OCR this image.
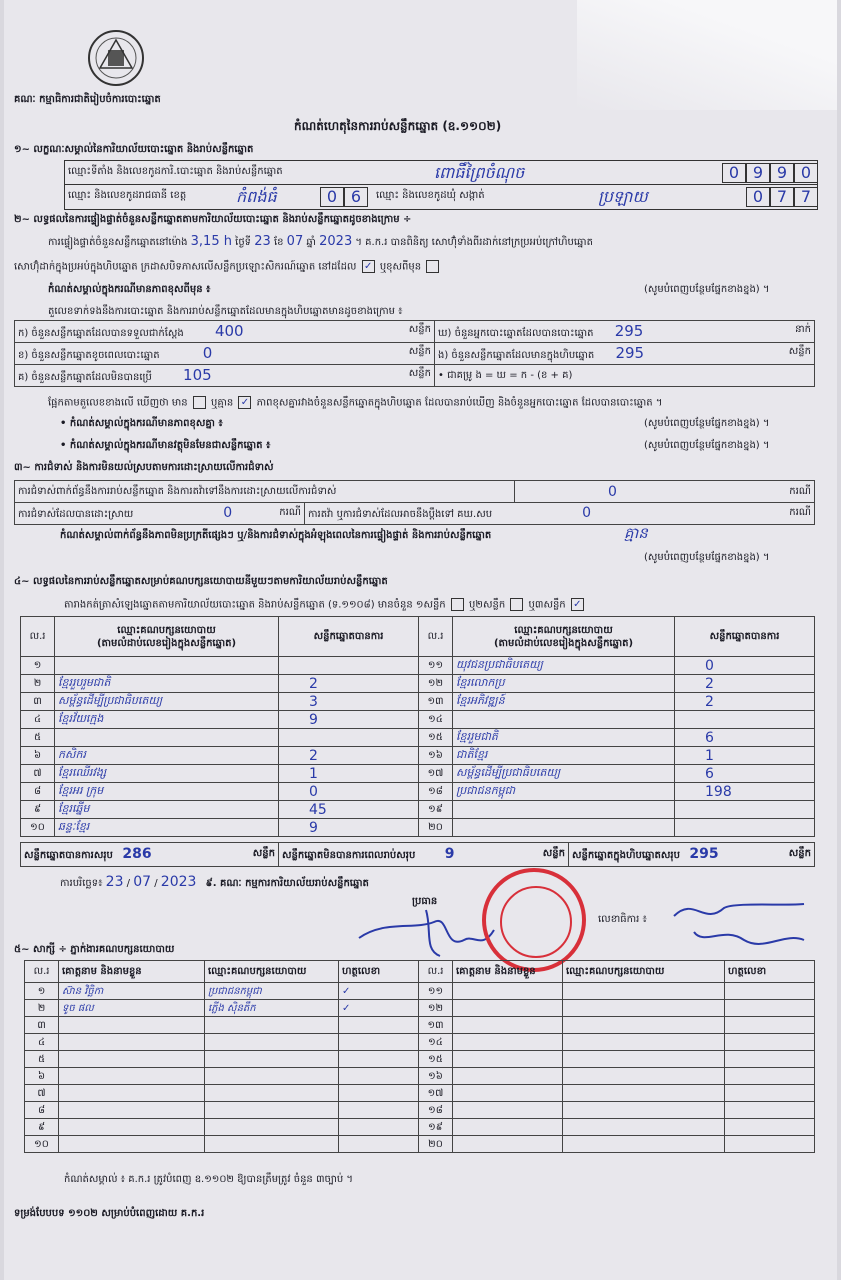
គណៈ កម្មាធិការជាតិរៀបចំការបោះឆ្នោត
កំណត់ហេតុនៃការរាប់សន្លឹកឆ្នោត (ឧ.១១០២)
១~ លក្ខណៈសម្គាល់នៃការិយាល័យបោះឆ្នោត និងរាប់សន្លឹកឆ្នោត
ឈ្មោះទីតាំង និងលេខកូដការិ.បោះឆ្នោត និងរាប់សន្លឹកឆ្នោត	ពោធិ៍ព្រៃចំណុច	0 9 9 0
ឈ្មោះ និងលេខកូដរាជធានី ខេត្ត	កំពង់ធំ	0 6	ឈ្មោះ និងលេខកូដឃុំ សង្កាត់	ប្រឡាយ	0 7 7
២~ លទ្ធផលនៃការផ្ទៀងផ្ទាត់ចំនួនសន្លឹកឆ្នោតតាមការិយាល័យបោះឆ្នោត និងរាប់សន្លឹកឆ្នោតដូចខាងក្រោម ÷
ការផ្ទៀងផ្ទាត់ចំនួនសន្លឹកឆ្នោតនៅម៉ោង 3,15 h ថ្ងៃទី 23 ខែ 07 ឆ្នាំ 2023 ។ គ.ក.រ បានពិនិត្យ សោហ៊ុំទាំងពីរដាក់នៅក្រប្រអប់ក្រៅហិបឆ្នោត
សោហ៊ុំដាក់ក្នុងប្រអប់ក្នុងហិបឆ្នោត ក្រដាសបិទភាសលើសន្លឹកប្រឡោះសិករណ៍ឆ្នោត នៅដដែល ✓ ឬខុសពីមុន
កំណត់សម្គាល់ក្នុងករណីមានភាពខុសពីមុន ៖	(សូមបំពេញបន្ថែមផ្នែកខាងខ្នង) ។
តួលេខទាក់ទងនឹងការបោះឆ្នោត និងការរាប់សន្លឹកឆ្នោតដែលមានក្នុងហិបឆ្នោតមានដូចខាងក្រោម ៖
ក) ចំនួនសន្លឹកឆ្នោតដែលបានទទួលជាក់ស្តែង 400 សន្លឹក	ឃ) ចំនួនអ្នកបោះឆ្នោតដែលបានបោះឆ្នោត 295 នាក់

ខ) ចំនួនសន្លឹកឆ្នោតខូចពេលបោះឆ្នោត 0 សន្លឹក	ង) ចំនួនសន្លឹកឆ្នោតដែលមានក្នុងហិបឆ្នោត 295 សន្លឹក

គ) ចំនួនសន្លឹកឆ្នោតដែលមិនបានប្រើ 105 សន្លឹក	• ជាគម្រូ ង = ឃ = ក - (ខ + គ)
ផ្អែកតាមតួលេខខាងលើ ឃើញថា មាន ឬគ្មាន ✓ ភាពខុសគ្នារវាងចំនួនសន្លឹកឆ្នោតក្នុងហិបឆ្នោត ដែលបានរាប់ឃើញ និងចំនួនអ្នកបោះឆ្នោត ដែលបានបោះឆ្នោត ។
• កំណត់សម្គាល់ក្នុងករណីមានភាពខុសគ្នា ៖	(សូមបំពេញបន្ថែមផ្នែកខាងខ្នង) ។
• កំណត់សម្គាល់ក្នុងករណីមានវត្ថុមិនមែនជាសន្លឹកឆ្នោត ៖	(សូមបំពេញបន្ថែមផ្នែកខាងខ្នង) ។
៣~ ការជំទាស់ និងការមិនយល់ស្របតាមការដោះស្រាយលើការជំទាស់
ការជំទាស់ពាក់ព័ន្ធនឹងការរាប់សន្លឹកឆ្នោត និងការតវ៉ាទៅនឹងការដោះស្រាយលើការជំទាស់		0 ករណី

ការជំទាស់ដែលបានដោះស្រាយ 0 ករណី	ការតវ៉ា ឬការជំទាស់ដែលអាចនឹងប្តឹងទៅ គឃ.សប 0 ករណី	
កំណត់សម្គាល់ពាក់ព័ន្ធនឹងភាពមិនប្រក្រតីផ្សេងៗ ឬ/និងការជំទាស់ក្នុងអំឡុងពេលនៃការផ្ទៀងផ្ទាត់ និងការរាប់សន្លឹកឆ្នោត	គ្មាន
(សូមបំពេញបន្ថែមផ្នែកខាងខ្នង) ។
៤~ លទ្ធផលនៃការរាប់សន្លឹកឆ្នោតសម្រាប់គណបក្សនយោបាយនីមួយៗតាមការិយាល័យរាប់សន្លឹកឆ្នោត
តារាងកត់ត្រាសំឡេងឆ្នោតតាមការិយាល័យបោះឆ្នោត និងរាប់សន្លឹកឆ្នោត (ទ.១១០៨) មានចំនួន ១សន្លឹក ឬ២សន្លឹក ឬ៣សន្លឹក ✓
ល.រ	ឈ្មោះគណបក្សនយោបាយ
(តាមលំដាប់លេខរៀងក្នុងសន្លឹកឆ្នោត)	សន្លឹកឆ្នោតបានការ
១		
២	ខ្មែររួបរួមជាតិ	2
៣	សម្ព័ន្ធដើម្បីប្រជាធិបតេយ្យ	3
៤	ខ្មែរវ័យក្មេង	9
៥		
៦	កសិករ	2
៧	ខ្មែរឈើរវង្ស	1
៨	ខ្មែរអរ ក្រុម	0
៩	ខ្មែរឆ្នើម	45
១០	ឆន្ទៈខ្មែរ	9
ល.រ	ឈ្មោះគណបក្សនយោបាយ
(តាមលំដាប់លេខរៀងក្នុងសន្លឹកឆ្នោត)	សន្លឹកឆ្នោតបានការ
១១	យុវជនប្រជាធិបតេយ្យ	0
១២	ខ្មែរលោកប្រ	2
១៣	ខ្មែរអភិវឌ្ឍន៍	2
១៤		
១៥	ខ្មែររួមជាតិ	6
១៦	ជាតិខ្មែរ	1
១៧	សម្ព័ន្ធដើម្បីប្រជាធិបតេយ្យ	6
១៨	ប្រជាជនកម្ពុជា	198
១៩		
២០		
សន្លឹកឆ្នោតបានការសរុប 286	សន្លឹក	សន្លឹកឆ្នោតមិនបានការពេលរាប់សរុប 9	សន្លឹក	សន្លឹកឆ្នោតក្នុងហិបឆ្នោតសរុប 295	សន្លឹក
ការបរិច្ឆេទ៖ 23 / 07 / 2023 ៩. គណៈ កម្មការការិយាល័យរាប់សន្លឹកឆ្នោត
ប្រធាន
លេខាធិការ ៖
៥~ សាក្សី ÷ ភ្នាក់ងារគណបក្សនយោបាយ
ល.រ	គោត្តនាម និងនាមខ្លួន	ឈ្មោះគណបក្សនយោបាយ	ហត្ថលេខា
១	ស៊ាន វិច្ឆិកា	ប្រជាជនកម្ពុជា	✓
២	ទូច ផល	ភ្លើង ស៊ិនតឹក	✓
៣			
៤			
៥			
៦			
៧			
៨			
៩			
១០			
ល.រ	គោត្តនាម និងនាមខ្លួន	ឈ្មោះគណបក្សនយោបាយ	ហត្ថលេខា
១១			
១២			
១៣			
១៤			
១៥			
១៦			
១៧			
១៨			
១៩			
២០			
កំណត់សម្គាល់ ៖ គ.ក.រ ត្រូវបំពេញ ឧ.១១០២ ឱ្យបានត្រឹមត្រូវ ចំនួន ៣ច្បាប់ ។
ទម្រង់បែបបទ ១១០២ សម្រាប់បំពេញដោយ គ.ក.រ
